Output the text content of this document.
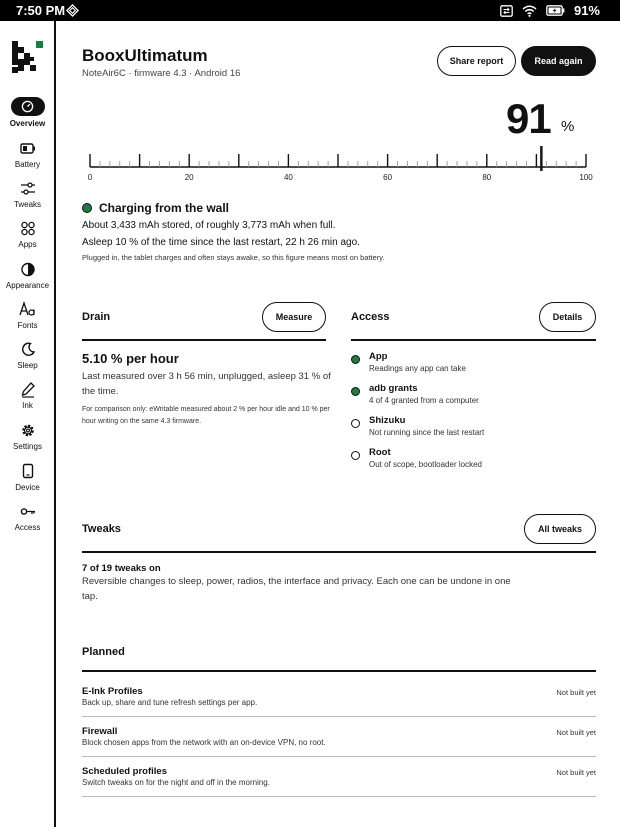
7:50 PM	91%
Overview
Battery
Tweaks
Apps
Appearance
Fonts
Sleep
Ink
Settings
Device
Access
BooxUltimatum
NoteAir6C · firmware 4.3 · Android 16
Share report	Read again
91 %
0	20	40	60	80	100
Charging from the wall
About 3,433 mAh stored, of roughly 3,773 mAh when full.
Asleep 10 % of the time since the last restart, 22 h 26 min ago.
Plugged in, the tablet charges and often stays awake, so this figure means most on battery.
Drain	Measure
5.10 % per hour
Last measured over 3 h 56 min, unplugged, asleep 31 % of the time.
For comparison only: eWritable measured about 2 % per hour idle and 10 % per hour writing on the same 4.3 firmware.
Access	Details
App
Readings any app can take
adb grants
4 of 4 granted from a computer
Shizuku
Not running since the last restart
Root
Out of scope, bootloader locked
Tweaks	All tweaks
7 of 19 tweaks on
Reversible changes to sleep, power, radios, the interface and privacy. Each one can be undone in one tap.
Planned
E-Ink Profiles
Back up, share and tune refresh settings per app.
Not built yet
Firewall
Block chosen apps from the network with an on-device VPN, no root.
Not built yet
Scheduled profiles
Switch tweaks on for the night and off in the morning.
Not built yet
